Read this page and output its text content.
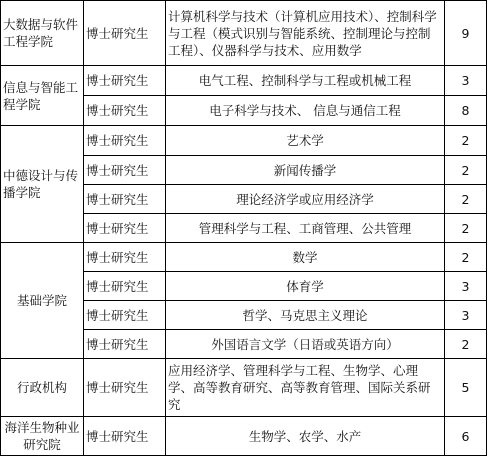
大数据与软件工程学院	博士研究生	计算机科学与技术（计算机应用技术）、控制科学与工程（模式识别与智能系统、控制理论与控制工程）、仪器科学与技术、应用数学	9
信息与智能工程学院	博士研究生	电气工程、控制科学与工程或机械工程	3
	博士研究生	电子科学与技术、 信息与通信工程	8
中德设计与传播学院	博士研究生	艺术学	2
	博士研究生	新闻传播学	2
	博士研究生	理论经济学或应用经济学	2
	博士研究生	管理科学与工程、工商管理、公共管理	2
基础学院	博士研究生	数学	2
	博士研究生	体育学	3
	博士研究生	哲学、马克思主义理论	3
	博士研究生	外国语言文学（日语或英语方向）	2
行政机构	博士研究生	应用经济学、管理科学与工程、生物学、心理学、高等教育研究、高等教育管理、国际关系研究	5
海洋生物种业研究院	博士研究生	生物学、农学、水产	6
